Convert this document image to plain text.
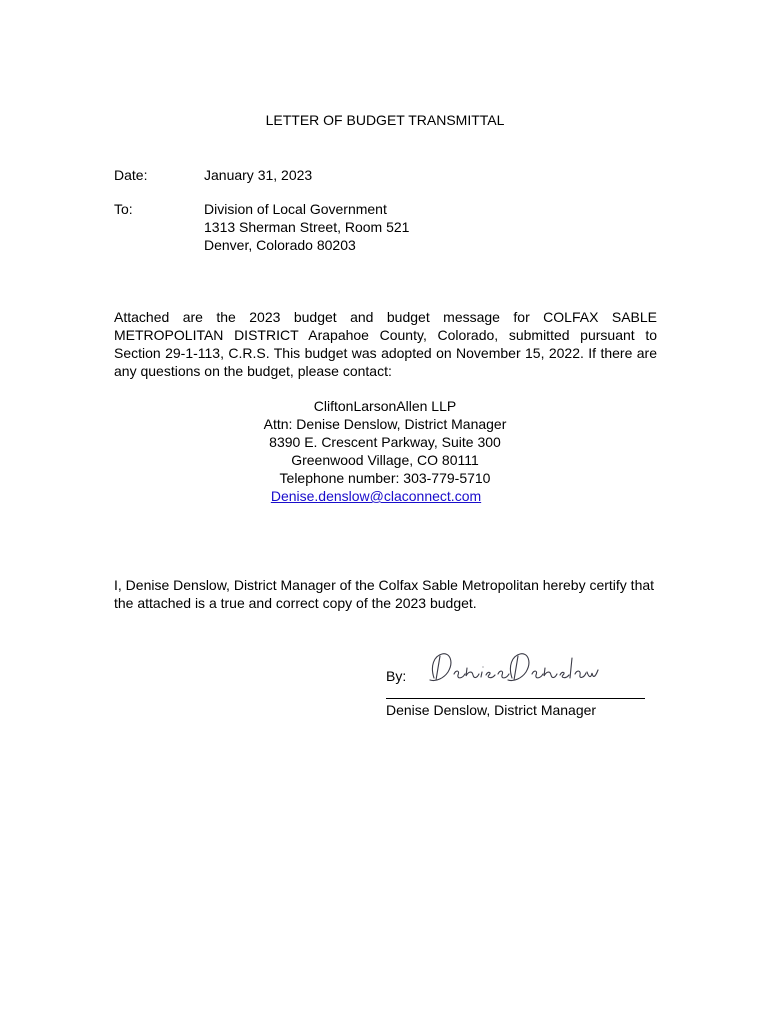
LETTER OF BUDGET TRANSMITTAL
Date:	January 31, 2023
To:	Division of Local Government
1313 Sherman Street, Room 521
Denver, Colorado 80203
Attached are the 2023 budget and budget message for COLFAX SABLE METROPOLITAN DISTRICT Arapahoe County, Colorado, submitted pursuant to Section 29-1-113, C.R.S. This budget was adopted on November 15, 2022. If there are any questions on the budget, please contact:
CliftonLarsonAllen LLP
Attn: Denise Denslow, District Manager
8390 E. Crescent Parkway, Suite 300
Greenwood Village, CO 80111
Telephone number: 303-779-5710
Denise.denslow@claconnect.com
I, Denise Denslow, District Manager of the Colfax Sable Metropolitan hereby certify that the attached is a true and correct copy of the 2023 budget.
By:
Denise Denslow, District Manager
